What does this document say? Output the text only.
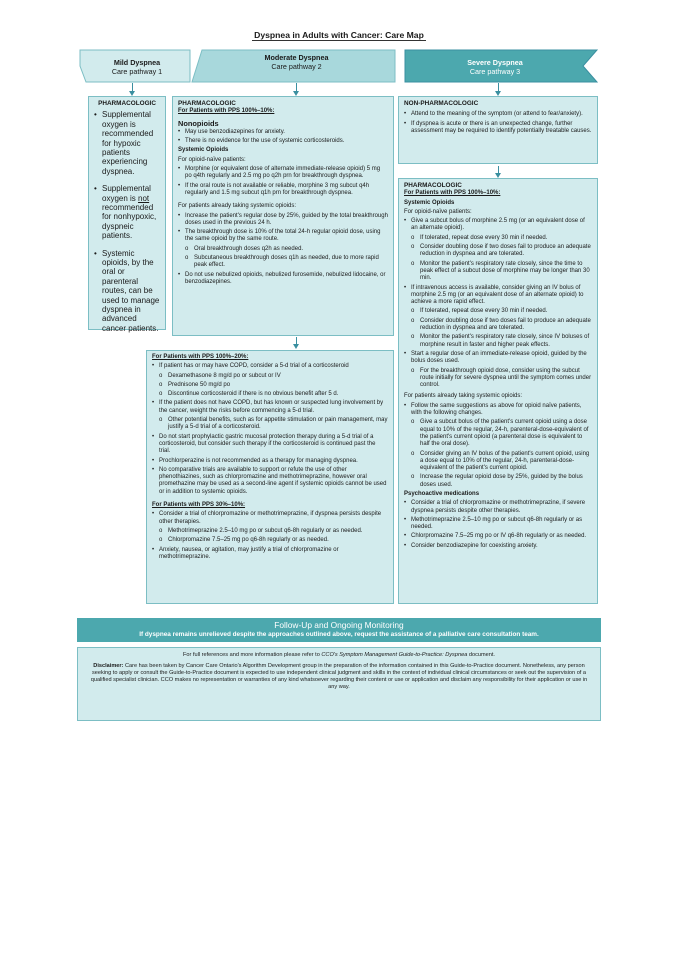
Dyspnea in Adults with Cancer: Care Map
Mild Dyspnea
Care pathway 1
Moderate Dyspnea
Care pathway 2	Severe Dyspnea
Care pathway 3
PHARMACOLOGIC

• Supplemental oxygen is recommended for hypoxic patients experiencing dyspnea.

• Supplemental oxygen is not recommended for nonhypoxic, dyspneic patients.

• Systemic opioids, by the oral or parenteral routes, can be used to manage dyspnea in advanced cancer patients.

PHARMACOLOGIC

For Patients with PPS 100%–10%:

Nonopioids

• May use benzodiazepines for anxiety.

• There is no evidence for the use of systemic corticosteroids.

Systemic Opioids

For opioid-naïve patients:

• Morphine (or equivalent dose of alternate immediate-release opioid) 5 mg po q4th regularly and 2.5 mg po q2h prn for breakthrough dyspnea.

• If the oral route is not available or reliable, morphine 3 mg subcut q4h regularly and 1.5 mg subcut q1h prn for breakthrough dyspnea.

For patients already taking systemic opioids:

• Increase the patient's regular dose by 25%, guided by the total breakthrough doses used in the previous 24 h.

• The breakthrough dose is 10% of the total 24-h regular opioid dose, using the same opioid by the same route.

o Oral breakthrough doses q2h as needed.

o Subcutaneous breakthrough doses q1h as needed, due to more rapid peak effect.

• Do not use nebulized opioids, nebulized furosemide, nebulized lidocaine, or benzodiazepines.

For Patients with PPS 100%–20%:

• If patient has or may have COPD, consider a 5-d trial of a corticosteroid

o Dexamethasone 8 mg/d po or subcut or IV

o Prednisone 50 mg/d po

o Discontinue corticosteroid if there is no obvious benefit after 5 d.

• If the patient does not have COPD, but has known or suspected lung involvement by the cancer, weight the risks before commencing a 5-d trial.

o Other potential benefits, such as for appetite stimulation or pain management, may justify a 5-d trial of a corticosteroid.

• Do not start prophylactic gastric mucosal protection therapy during a 5-d trial of a corticosteroid, but consider such therapy if the corticosteroid is continued past the trial.

• Prochlorperazine is not recommended as a therapy for managing dyspnea.

• No comparative trials are available to support or refute the use of other phenothiazines, such as chlorpromazine and methotrimeprazine, however oral promethazine may be used as a second-line agent if systemic opioids cannot be used or in addition to systemic opioids.

For Patients with PPS 30%–10%:

• Consider a trial of chlorpromazine or methotrimeprazine, if dyspnea persists despite other therapies.

o Methotrimeprazine 2.5–10 mg po or subcut q6-8h regularly or as needed.

o Chlorpromazine 7.5–25 mg po q6-8h regularly or as needed.

• Anxiety, nausea, or agitation, may justify a trial of chlorpromazine or methotrimeprazine.

NON-PHARMACOLOGIC

• Attend to the meaning of the symptom (or attend to fear/anxiety).

• If dyspnea is acute or there is an unexpected change, further assessment may be required to identify potentially treatable causes.

PHARMACOLOGIC

For Patients with PPS 100%–10%:

Systemic Opioids

For opioid-naïve patients:

• Give a subcut bolus of morphine 2.5 mg (or an equivalent dose of an alternate opioid).

o If tolerated, repeat dose every 30 min if needed.

o Consider doubling dose if two doses fail to produce an adequate reduction in dyspnea and are tolerated.

o Monitor the patient's respiratory rate closely, since the time to peak effect of a subcut dose of morphine may be longer than 30 min.

• If intravenous access is available, consider giving an IV bolus of morphine 2.5 mg (or an equivalent dose of an alternate opioid) to achieve a more rapid effect.

o If tolerated, repeat dose every 30 min if needed.

o Consider doubling dose if two doses fail to produce an adequate reduction in dyspnea and are tolerated.

o Monitor the patient's respiratory rate closely, since IV boluses of morphine result in faster and higher peak effects.

• Start a regular dose of an immediate-release opioid, guided by the bolus doses used.

o For the breakthrough opioid dose, consider using the subcut route initially for severe dyspnea until the symptom comes under control.

For patients already taking systemic opioids:

• Follow the same suggestions as above for opioid naïve patients, with the following changes.

o Give a subcut bolus of the patient's current opioid using a dose equal to 10% of the regular, 24-h, parenteral-dose-equivalent of the patient's current opioid (a parenteral dose is equivalent to half the oral dose).

o Consider giving an IV bolus of the patient's current opioid, using a dose equal to 10% of the regular, 24-h, parenteral-dose-equivalent of the patient's current opioid.

o Increase the regular opioid dose by 25%, guided by the bolus doses used.

Psychoactive medications

• Consider a trial of chlorpromazine or methotrimeprazine, if severe dyspnea persists despite other therapies.

• Methotrimeprazine 2.5–10 mg po or subcut q6-8h regularly or as needed.

• Chlorpromazine 7.5–25 mg po or IV q6-8h regularly or as needed.

• Consider benzodiazepine for coexisting anxiety.

Follow-Up and Ongoing Monitoring
If dyspnea remains unrelieved despite the approaches outlined above, request the assistance of a palliative care consultation team.

For full references and more information please refer to CCO's Symptom Management Guide-to-Practice: Dyspnea document.

Disclaimer: Care has been taken by Cancer Care Ontario's Algorithm Development group in the preparation of the information contained in this Guide-to-Practice document. Nonetheless, any person seeking to apply or consult the Guide-to-Practice document is expected to use independent clinical judgment and skills in the context of individual clinical circumstances or seek out the supervision of a qualified specialist clinician. CCO makes no representation or warranties of any kind whatsoever regarding their content or use or application and disclaim any responsibility for their application or use in any way.
